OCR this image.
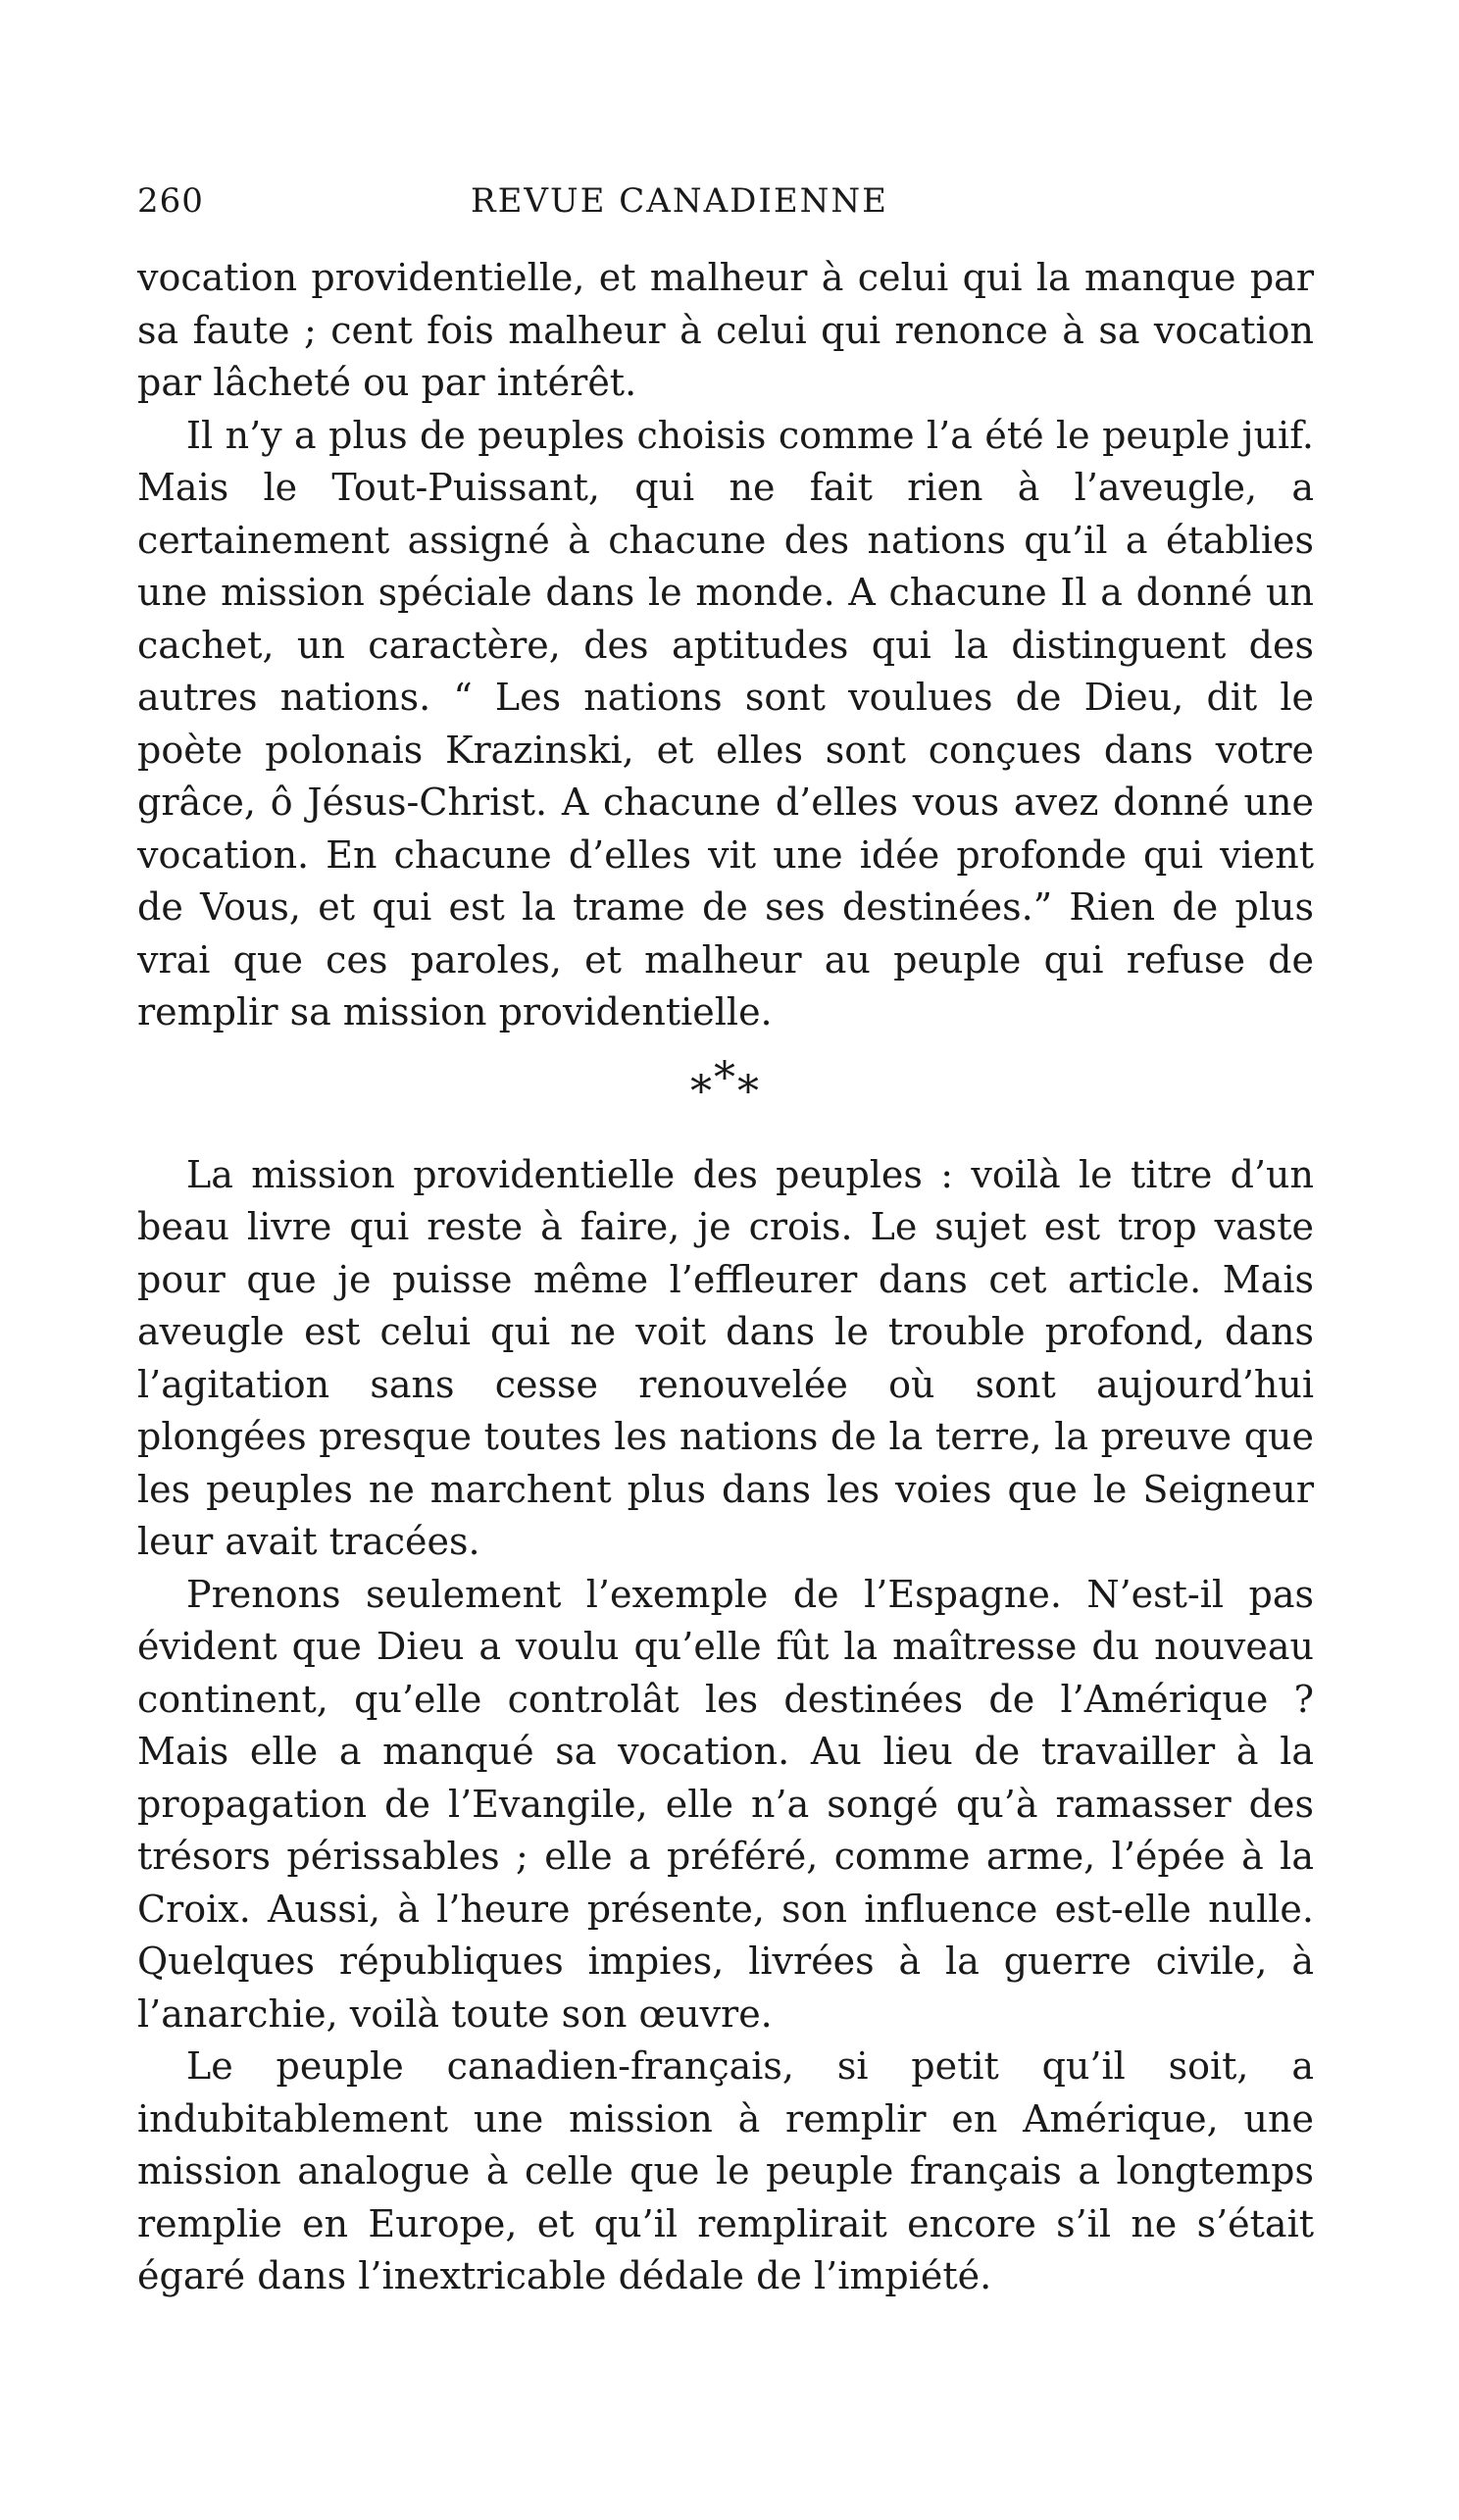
260	REVUE CANADIENNE

vocation providentielle, et malheur à celui qui la manque par sa faute ; cent fois malheur à celui qui renonce à sa vocation par lâcheté ou par intérêt.

Il n’y a plus de peuples choisis comme l’a été le peuple juif. Mais le Tout-Puissant, qui ne fait rien à l’aveugle, a certainement assigné à chacune des nations qu’il a établies une mission spéciale dans le monde. A chacune Il a donné un cachet, un caractère, des aptitudes qui la distinguent des autres nations. “ Les nations sont voulues de Dieu, dit le poète polonais Krazinski, et elles sont conçues dans votre grâce, ô Jésus-Christ. A chacune d’elles vous avez donné une vocation. En chacune d’elles vit une idée profonde qui vient de Vous, et qui est la trame de ses destinées.” Rien de plus vrai que ces paroles, et malheur au peuple qui refuse de remplir sa mission providentielle.

***

La mission providentielle des peuples : voilà le titre d’un beau livre qui reste à faire, je crois. Le sujet est trop vaste pour que je puisse même l’effleurer dans cet article. Mais aveugle est celui qui ne voit dans le trouble profond, dans l’agitation sans cesse renouvelée où sont aujourd’hui plongées presque toutes les nations de la terre, la preuve que les peuples ne marchent plus dans les voies que le Seigneur leur avait tracées.

Prenons seulement l’exemple de l’Espagne. N’est-il pas évident que Dieu a voulu qu’elle fût la maîtresse du nouveau continent, qu’elle controlât les destinées de l’Amérique ? Mais elle a manqué sa vocation. Au lieu de travailler à la propagation de l’Evangile, elle n’a songé qu’à ramasser des trésors périssables ; elle a préféré, comme arme, l’épée à la Croix. Aussi, à l’heure présente, son influence est-elle nulle. Quelques républiques impies, livrées à la guerre civile, à l’anarchie, voilà toute son œuvre.

Le peuple canadien-français, si petit qu’il soit, a indubitablement une mission à remplir en Amérique, une mission analogue à celle que le peuple français a longtemps remplie en Europe, et qu’il remplirait encore s’il ne s’était égaré dans l’inextricable dédale de l’impiété.
